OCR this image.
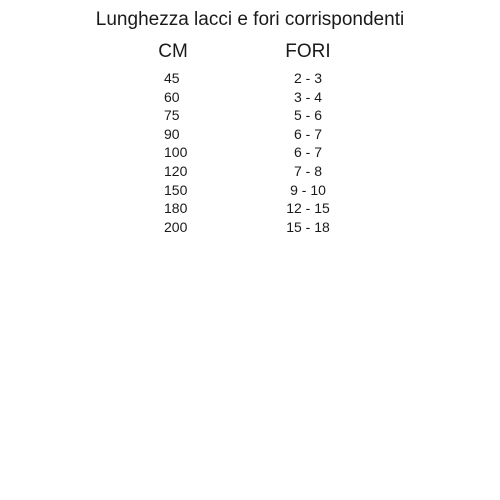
Lunghezza lacci e fori corrispondenti
CM	FORI
45	2 - 3
60	3 - 4
75	5 - 6
90	6 - 7
100	6 - 7
120	7 - 8
150	9 - 10
180	12 - 15
200	15 - 18
